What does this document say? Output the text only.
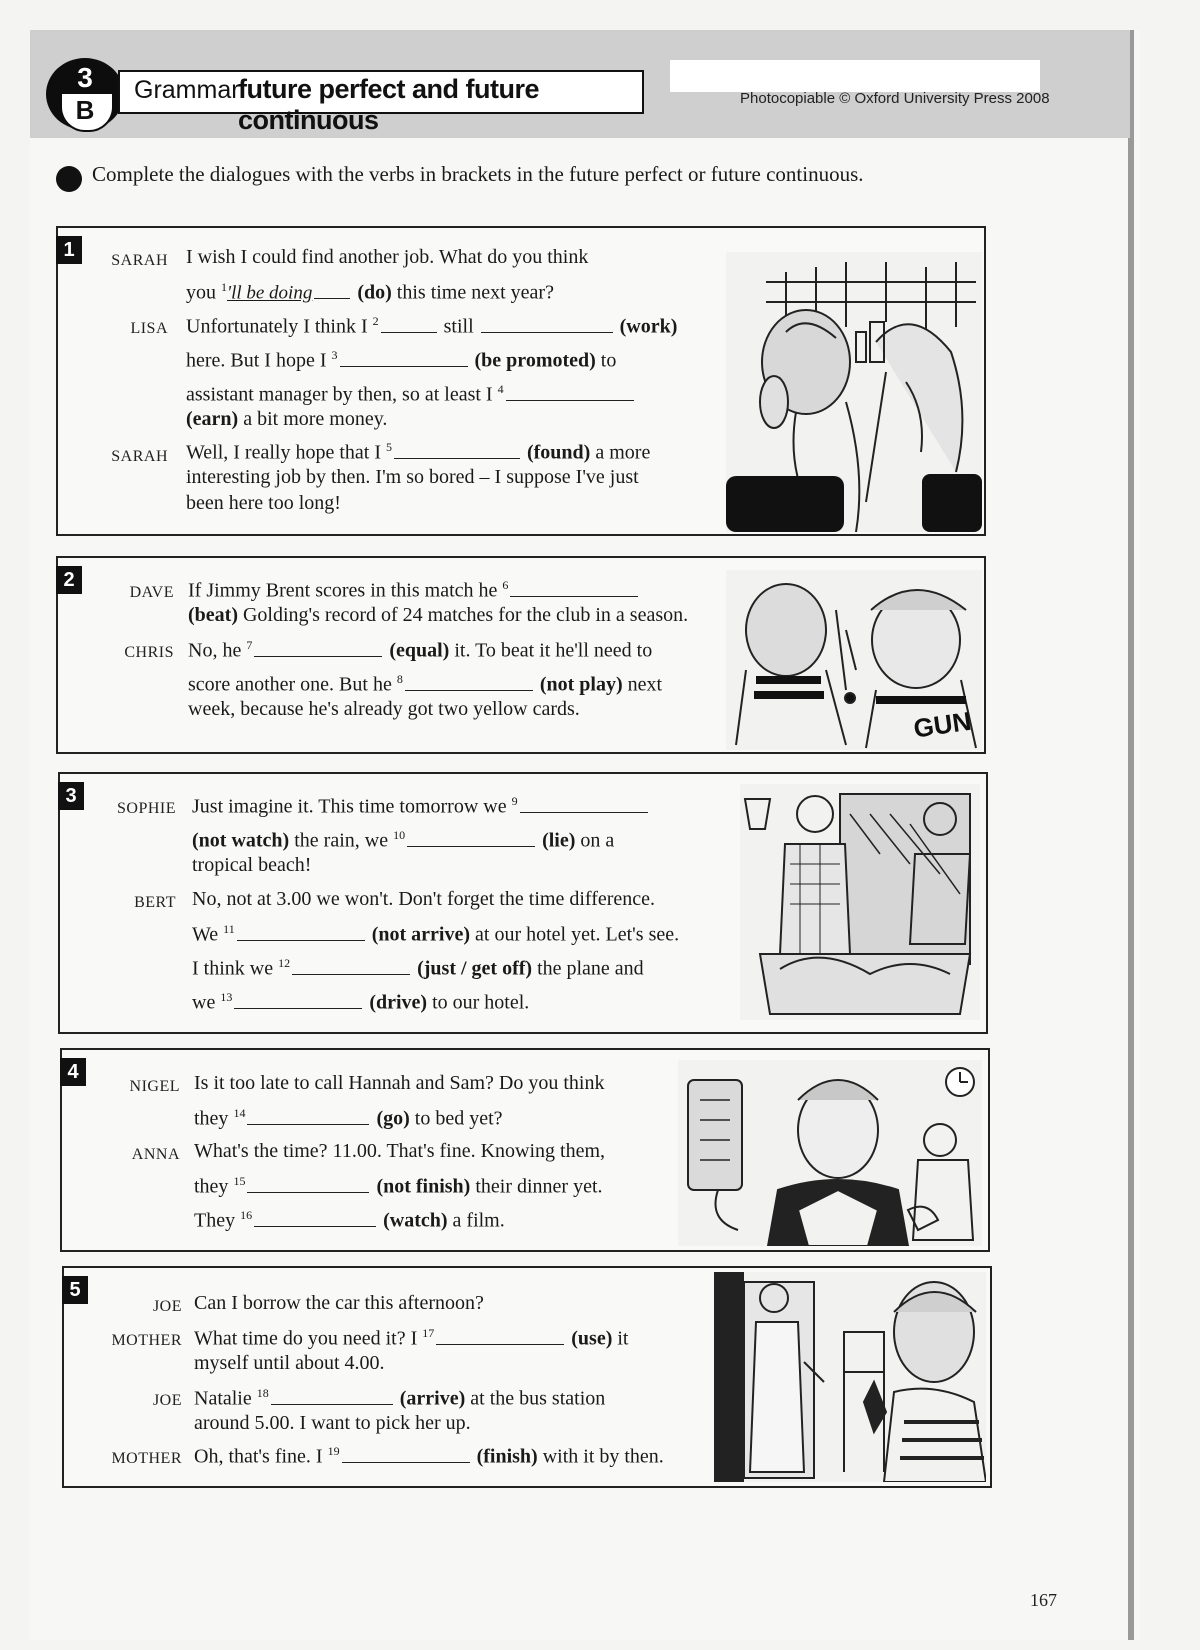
3
B
Grammar
future perfect and future continuous
Photocopiable © Oxford University Press 2008
Complete the dialogues with the verbs in brackets in the future perfect or future continuous.
1	SARAH I wish I could find another job. What do you think
you $^1$'ll be doing (do) this time next year?
LISA Unfortunately I think I $^2$	still	(work)
here. But I hope I $^3$	(be promoted) to
assistant manager by then, so at least I $^4$
(earn) a bit more money.
SARAH Well, I really hope that I $^5$	(found) a more
interesting job by then. I'm so bored – I suppose I've just
been here too long!
2
DAVE If Jimmy Brent scores in this match he $^6$
(beat) Golding's record of 24 matches for the club in a season.
CHRIS No, he $^7$	(equal) it. To beat it he'll need to
score another one. But he $^8$	(not play) next
week, because he's already got two yellow cards.	GUN
3
SOPHIE Just imagine it. This time tomorrow we $^9$
(not watch) the rain, we $^{10}$	(lie) on a
tropical beach!
BERT No, not at 3.00 we won't. Don't forget the time difference.
We $^{11}$	(not arrive) at our hotel yet. Let's see.
I think we $^{12}$	(just / get off) the plane and
we $^{13}$	(drive) to our hotel.
4
NIGEL Is it too late to call Hannah and Sam? Do you think
they $^{14}$	(go) to bed yet?
ANNA What's the time? 11.00. That's fine. Knowing them,
they $^{15}$	(not finish) their dinner yet.
They $^{16}$	(watch) a film.
5
JOE Can I borrow the car this afternoon?
MOTHER What time do you need it? I $^{17}$	(use) it
myself until about 4.00.
JOE Natalie $^{18}$	(arrive) at the bus station
around 5.00. I want to pick her up.
MOTHER Oh, that's fine. I $^{19}$	(finish) with it by then.
167
